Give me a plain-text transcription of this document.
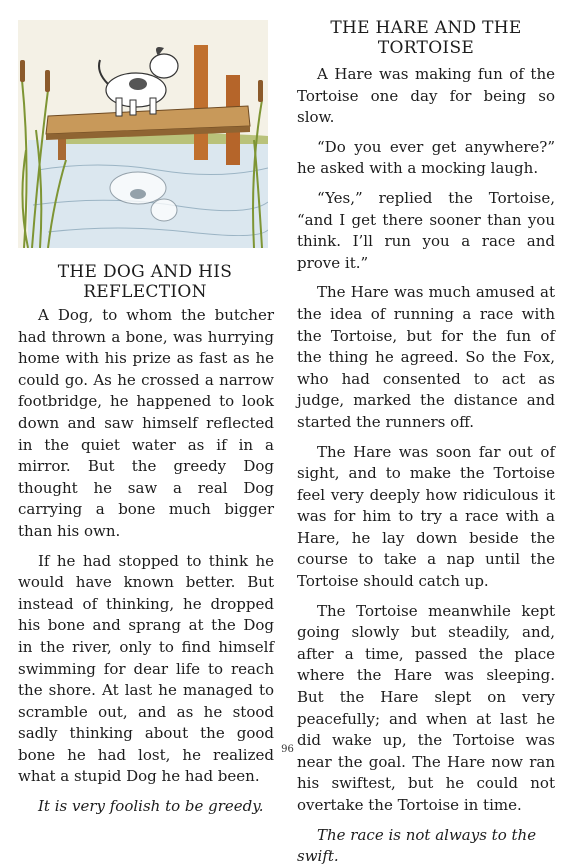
THE DOG AND HIS
REFLECTION

A Dog, to whom the butcher had thrown a bone, was hurrying home with his prize as fast as he could go. As he crossed a narrow footbridge, he happened to look down and saw himself reflected in the quiet water as if in a mirror. But the greedy Dog thought he saw a real Dog carrying a bone much bigger than his own.

If he had stopped to think he would have known better. But instead of thinking, he dropped his bone and sprang at the Dog in the river, only to find himself swimming for dear life to reach the shore. At last he managed to scramble out, and as he stood sadly thinking about the good bone he had lost, he realized what a stupid Dog he had been.

It is very foolish to be greedy.

THE HARE AND THE
TORTOISE

A Hare was making fun of the Tortoise one day for being so slow.

“Do you ever get anywhere?” he asked with a mocking laugh.

“Yes,” replied the Tortoise, “and I get there sooner than you think. I’ll run you a race and prove it.”

The Hare was much amused at the idea of running a race with the Tortoise, but for the fun of the thing he agreed. So the Fox, who had consented to act as judge, marked the distance and started the runners off.

The Hare was soon far out of sight, and to make the Tortoise feel very deeply how ridiculous it was for him to try a race with a Hare, he lay down beside the course to take a nap until the Tortoise should catch up.

The Tortoise meanwhile kept going slowly but steadily, and, after a time, passed the place where the Hare was sleeping. But the Hare slept on very peacefully; and when at last he did wake up, the Tortoise was near the goal. The Hare now ran his swiftest, but he could not overtake the Tortoise in time.

The race is not always to the swift.

96
